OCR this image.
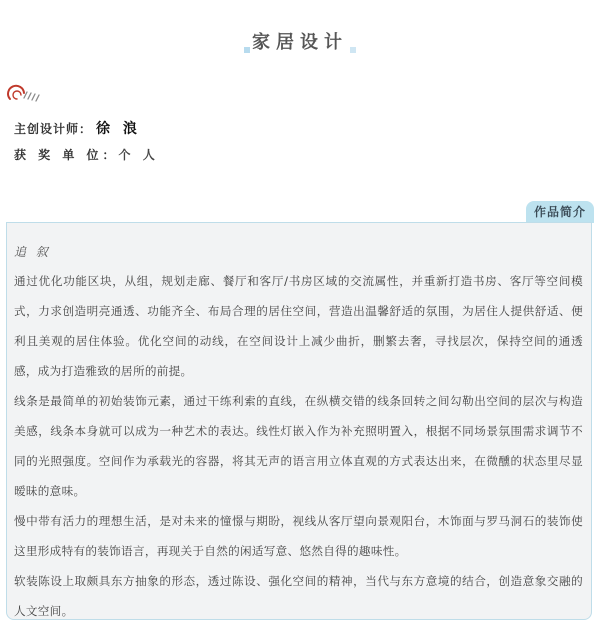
家居设计
主创设计师： 徐 浪
获 奖 单 位： 个 人
作品简介
追 叙

通过优化功能区块，从组，规划走廊、餐厅和客厅/书房区域的交流属性，并重新打造书房、客厅等空间模式，力求创造明亮通透、功能齐全、布局合理的居住空间，营造出温馨舒适的氛围，为居住人提供舒适、便利且美观的居住体验。优化空间的动线，在空间设计上减少曲折，删繁去奢，寻找层次，保持空间的通透感，成为打造雅致的居所的前提。

线条是最简单的初始装饰元素，通过干练利索的直线，在纵横交错的线条回转之间勾勒出空间的层次与构造美感，线条本身就可以成为一种艺术的表达。线性灯嵌入作为补充照明置入，根据不同场景氛围需求调节不同的光照强度。空间作为承载光的容器，将其无声的语言用立体直观的方式表达出来，在微醺的状态里尽显暧昧的意味。

慢中带有活力的理想生活，是对未来的憧憬与期盼，视线从客厅望向景观阳台，木饰面与罗马洞石的装饰使这里形成特有的装饰语言，再现关于自然的闲适写意、悠然自得的趣味性。

软装陈设上取颇具东方抽象的形态，透过陈设、强化空间的精神，当代与东方意境的结合，创造意象交融的人文空间。
